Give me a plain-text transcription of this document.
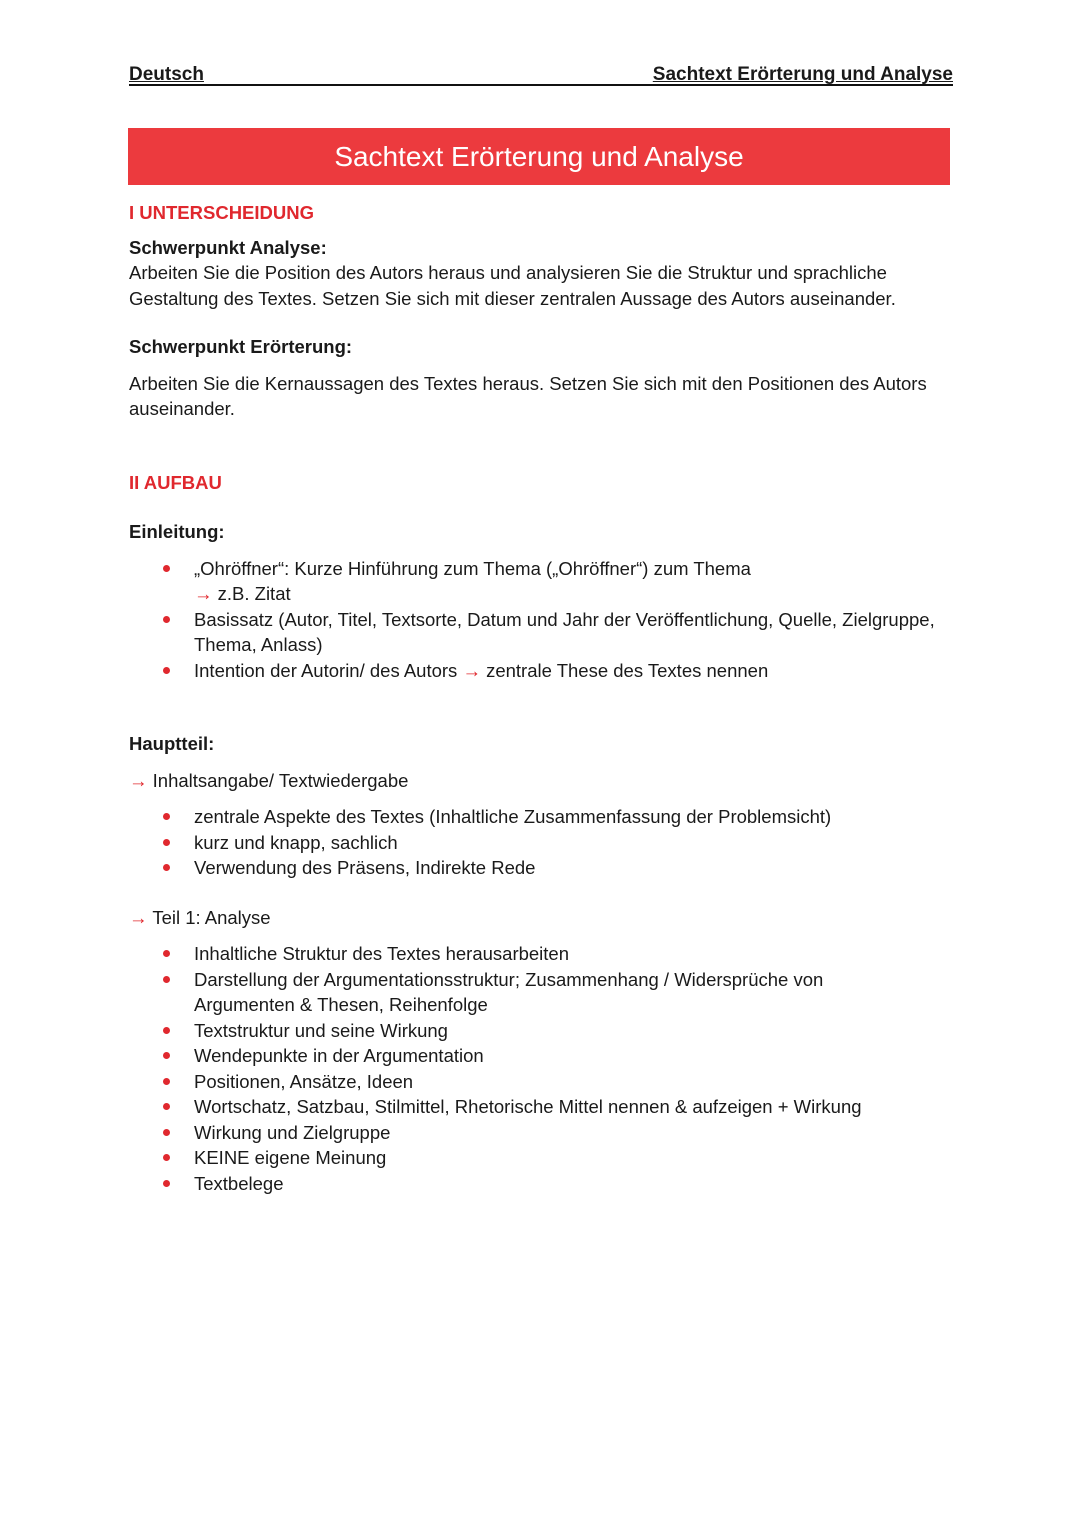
Deutsch	Sachtext Erörterung und Analyse
Sachtext Erörterung und Analyse

I UNTERSCHEIDUNG

Schwerpunkt Analyse:

Arbeiten Sie die Position des Autors heraus und analysieren Sie die Struktur und sprachliche Gestaltung des Textes. Setzen Sie sich mit dieser zentralen Aussage des Autors auseinander.

Schwerpunkt Erörterung:

Arbeiten Sie die Kernaussagen des Textes heraus. Setzen Sie sich mit den Positionen des Autors auseinander.

II AUFBAU

Einleitung:

„Ohröffner“: Kurze Hinführung zum Thema („Ohröffner“) zum Thema
→ z.B. Zitat
Basissatz (Autor, Titel, Textsorte, Datum und Jahr der Veröffentlichung, Quelle, Zielgruppe, Thema, Anlass)
Intention der Autorin/ des Autors → zentrale These des Textes nennen

Hauptteil:

→ Inhaltsangabe/ Textwiedergabe

zentrale Aspekte des Textes (Inhaltliche Zusammenfassung der Problemsicht)
kurz und knapp, sachlich
Verwendung des Präsens, Indirekte Rede

→ Teil 1: Analyse

Inhaltliche Struktur des Textes herausarbeiten
Darstellung der Argumentationsstruktur; Zusammenhang / Widersprüche von Argumenten & Thesen, Reihenfolge
Textstruktur und seine Wirkung
Wendepunkte in der Argumentation
Positionen, Ansätze, Ideen
Wortschatz, Satzbau, Stilmittel, Rhetorische Mittel nennen & aufzeigen + Wirkung
Wirkung und Zielgruppe
KEINE eigene Meinung
Textbelege
